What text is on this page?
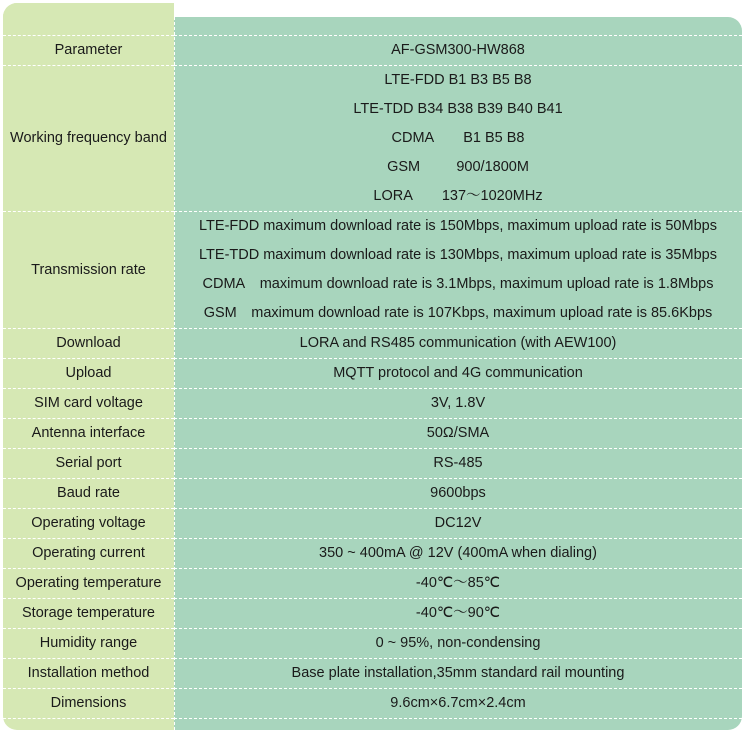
Parameter	AF-GSM300-HW868

Working frequency band	LTE-FDD B1 B3 B5 B8
LTE-TDD B34 B38 B39 B40 B41
CDMA  B1 B5 B8
GSM   900/1800M
LORA  137～1020MHz

Transmission rate	LTE-FDD maximum download rate is 150Mbps, maximum upload rate is 50Mbps
LTE-TDD maximum download rate is 130Mbps, maximum upload rate is 35Mbps
CDMA maximum download rate is 3.1Mbps, maximum upload rate is 1.8Mbps
GSM maximum download rate is 107Kbps, maximum upload rate is 85.6Kbps

Download	LORA and RS485 communication (with AEW100)

Upload	MQTT protocol and 4G communication

SIM card voltage	3V, 1.8V

Antenna interface	50Ω/SMA

Serial port	RS-485

Baud rate	9600bps

Operating voltage	DC12V

Operating current	350 ~ 400mA @ 12V (400mA when dialing)

Operating temperature	-40℃～85℃

Storage temperature	-40℃～90℃

Humidity range	0 ~ 95%, non-condensing

Installation method	Base plate installation,35mm standard rail mounting

Dimensions	9.6cm×6.7cm×2.4cm
